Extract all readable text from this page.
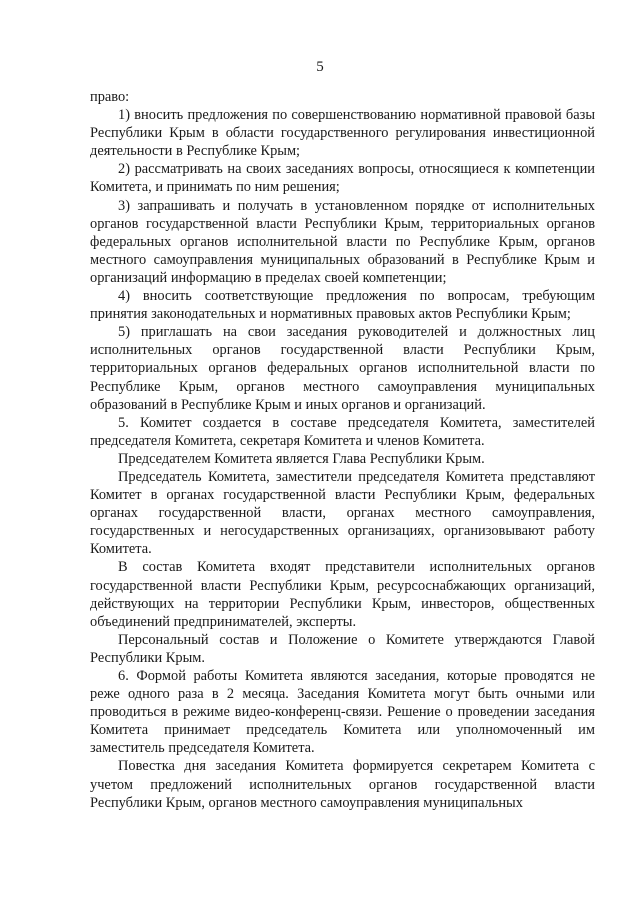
5

право:

1) вносить предложения по совершенствованию нормативной правовой базы Республики Крым в области государственного регулирования инвестиционной деятельности в Республике Крым;

2) рассматривать на своих заседаниях вопросы, относящиеся к компетенции Комитета, и принимать по ним решения;

3) запрашивать и получать в установленном порядке от исполнительных органов государственной власти Республики Крым, территориальных органов федеральных органов исполнительной власти по Республике Крым, органов местного самоуправления муниципальных образований в Республике Крым и организаций информацию в пределах своей компетенции;

4) вносить соответствующие предложения по вопросам, требующим принятия законодательных и нормативных правовых актов Республики Крым;

5) приглашать на свои заседания руководителей и должностных лиц исполнительных органов государственной власти Республики Крым, территориальных органов федеральных органов исполнительной власти по Республике Крым, органов местного самоуправления муниципальных образований в Республике Крым и иных органов и организаций.

5. Комитет создается в составе председателя Комитета, заместителей председателя Комитета, секретаря Комитета и членов Комитета.

Председателем Комитета является Глава Республики Крым.

Председатель Комитета, заместители председателя Комитета представляют Комитет в органах государственной власти Республики Крым, федеральных органах государственной власти, органах местного самоуправления, государственных и негосударственных организациях, организовывают работу Комитета.

В состав Комитета входят представители исполнительных органов государственной власти Республики Крым, ресурсоснабжающих организаций, действующих на территории Республики Крым, инвесторов, общественных объединений предпринимателей, эксперты.

Персональный состав и Положение о Комитете утверждаются Главой Республики Крым.

6. Формой работы Комитета являются заседания, которые проводятся не реже одного раза в 2 месяца. Заседания Комитета могут быть очными или проводиться в режиме видео-конференц-связи. Решение о проведении заседания Комитета принимает председатель Комитета или уполномоченный им заместитель председателя Комитета.

Повестка дня заседания Комитета формируется секретарем Комитета с учетом предложений исполнительных органов государственной власти Республики Крым, органов местного самоуправления муниципальных
